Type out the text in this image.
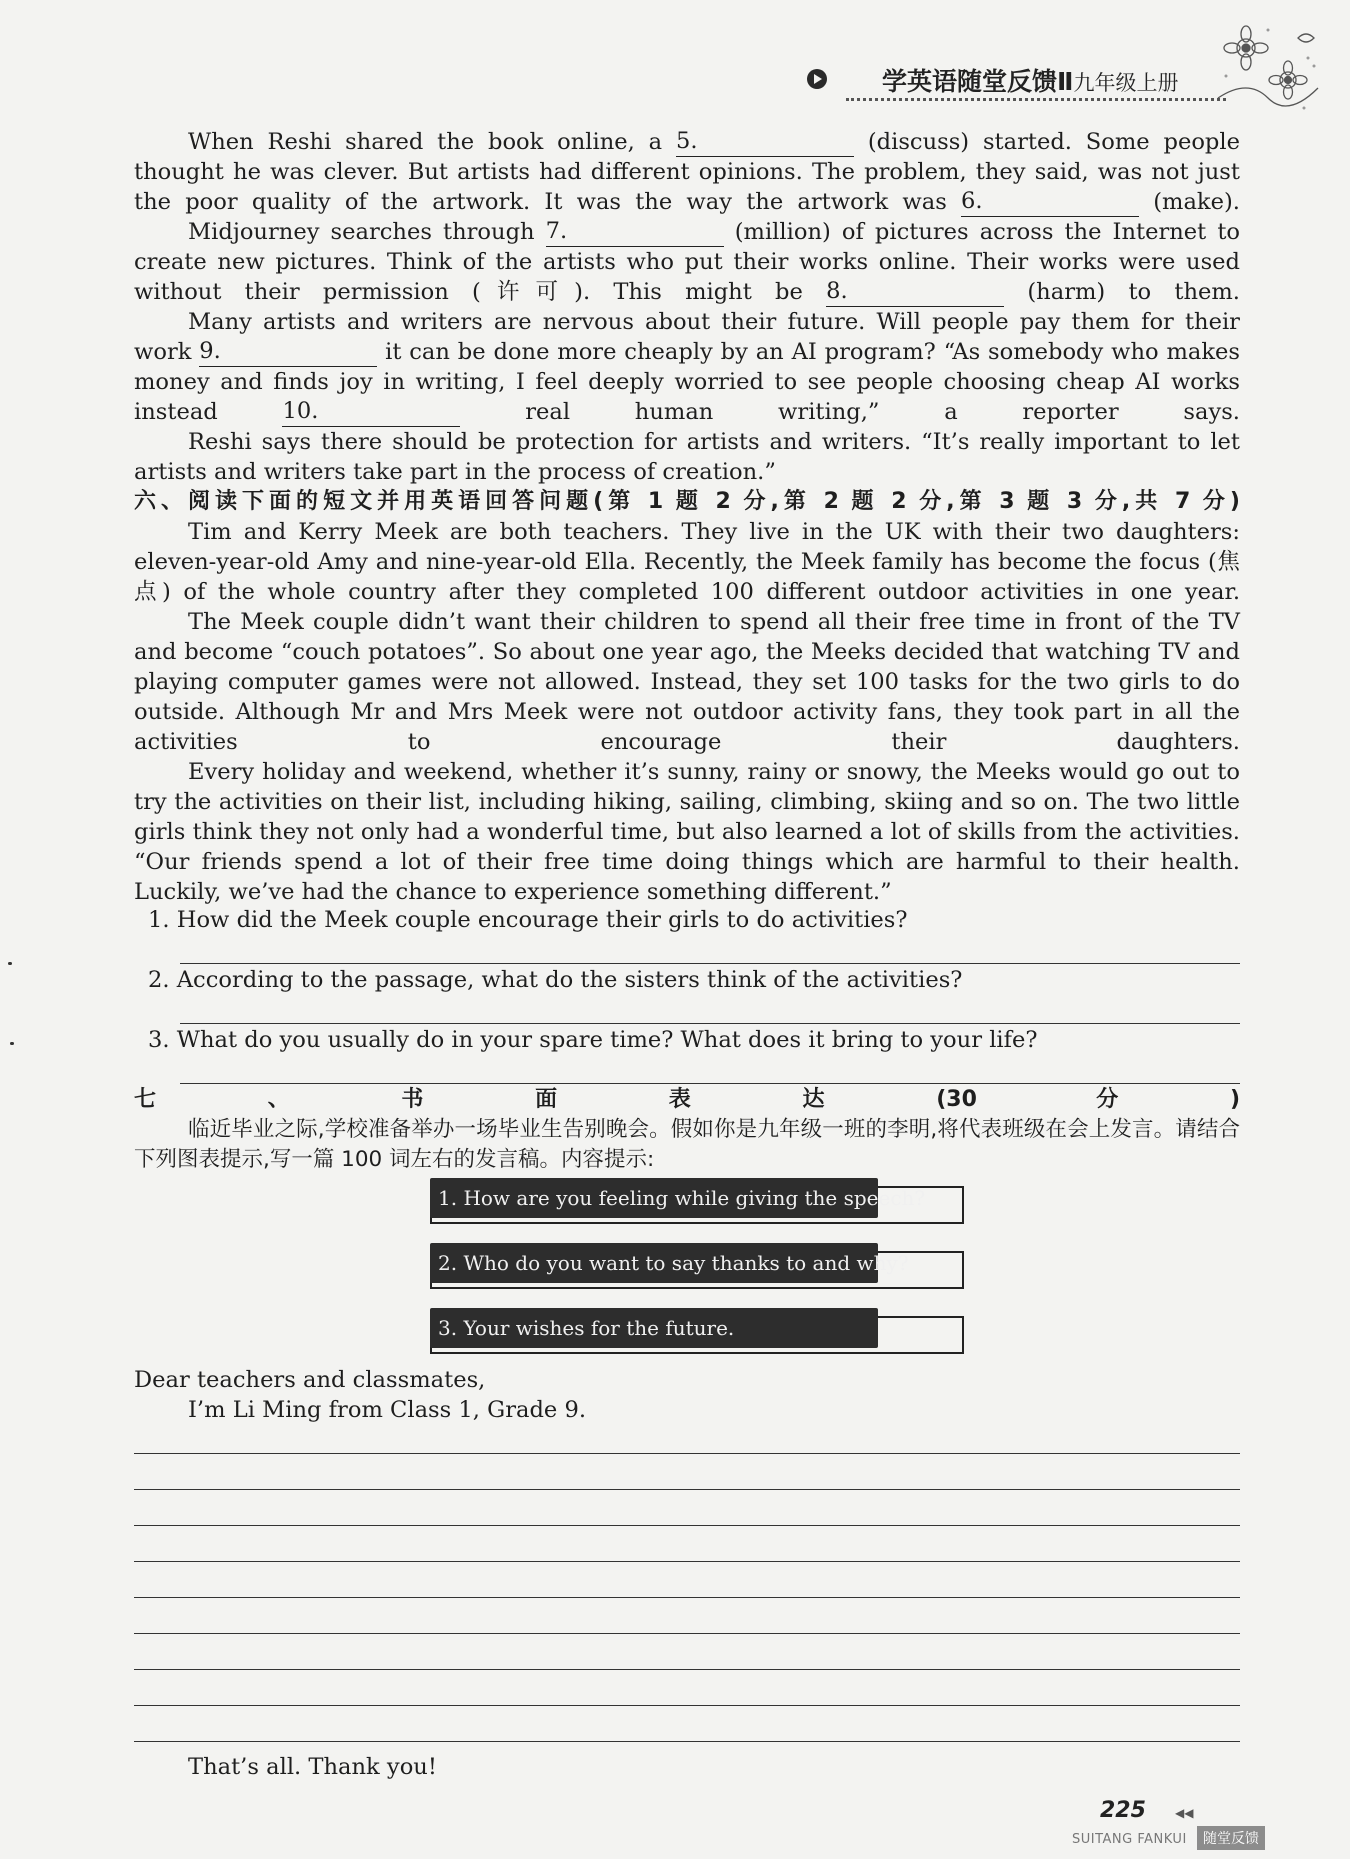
学英语随堂反馈Ⅱ九年级上册

When Reshi shared the book online, a 5.	(discuss) started. Some people thought he was clever. But artists had different opinions. The problem, they said, was not just the poor quality of the artwork. It was the way the artwork was 6.	(make).

Midjourney searches through 7.	(million) of pictures across the Internet to create new pictures. Think of the artists who put their works online. Their works were used without their permission (许可). This might be 8.	(harm) to them.

Many artists and writers are nervous about their future. Will people pay them for their work 9.	it can be done more cheaply by an AI program? “As somebody who makes money and finds joy in writing, I feel deeply worried to see people choosing cheap AI works instead	10.	real human writing,” a reporter says.

Reshi says there should be protection for artists and writers. “It’s really important to let artists and writers take part in the process of creation.”

六、阅读下面的短文并用英语回答问题(第 1 题 2 分,第 2 题 2 分,第 3 题 3 分,共 7 分)

Tim and Kerry Meek are both teachers. They live in the UK with their two daughters: eleven-year-old Amy and nine-year-old Ella. Recently, the Meek family has become the focus (焦点) of the whole country after they completed 100 different outdoor activities in one year.

The Meek couple didn’t want their children to spend all their free time in front of the TV and become “couch potatoes”. So about one year ago, the Meeks decided that watching TV and playing computer games were not allowed. Instead, they set 100 tasks for the two girls to do outside. Although Mr and Mrs Meek were not outdoor activity fans, they took part in all the activities to encourage their daughters.

Every holiday and weekend, whether it’s sunny, rainy or snowy, the Meeks would go out to try the activities on their list, including hiking, sailing, climbing, skiing and so on. The two little girls think they not only had a wonderful time, but also learned a lot of skills from the activities. “Our friends spend a lot of their free time doing things which are harmful to their health. Luckily, we’ve had the chance to experience something different.”

1. How did the Meek couple encourage their girls to do activities?

2. According to the passage, what do the sisters think of the activities?

3. What do you usually do in your spare time? What does it bring to your life?

七、书面表达(30 分)

临近毕业之际,学校准备举办一场毕业生告别晚会。假如你是九年级一班的李明,将代表班级在会上发言。请结合下列图表提示,写一篇 100 词左右的发言稿。内容提示:

1. How are you feeling while giving the speech?
2. Who do you want to say thanks to and why?
3. Your wishes for the future.

Dear teachers and classmates,

I’m Li Ming from Class 1, Grade 9.

That’s all. Thank you!

225 ◀◀
SUITANG FANKUI	随堂反馈
